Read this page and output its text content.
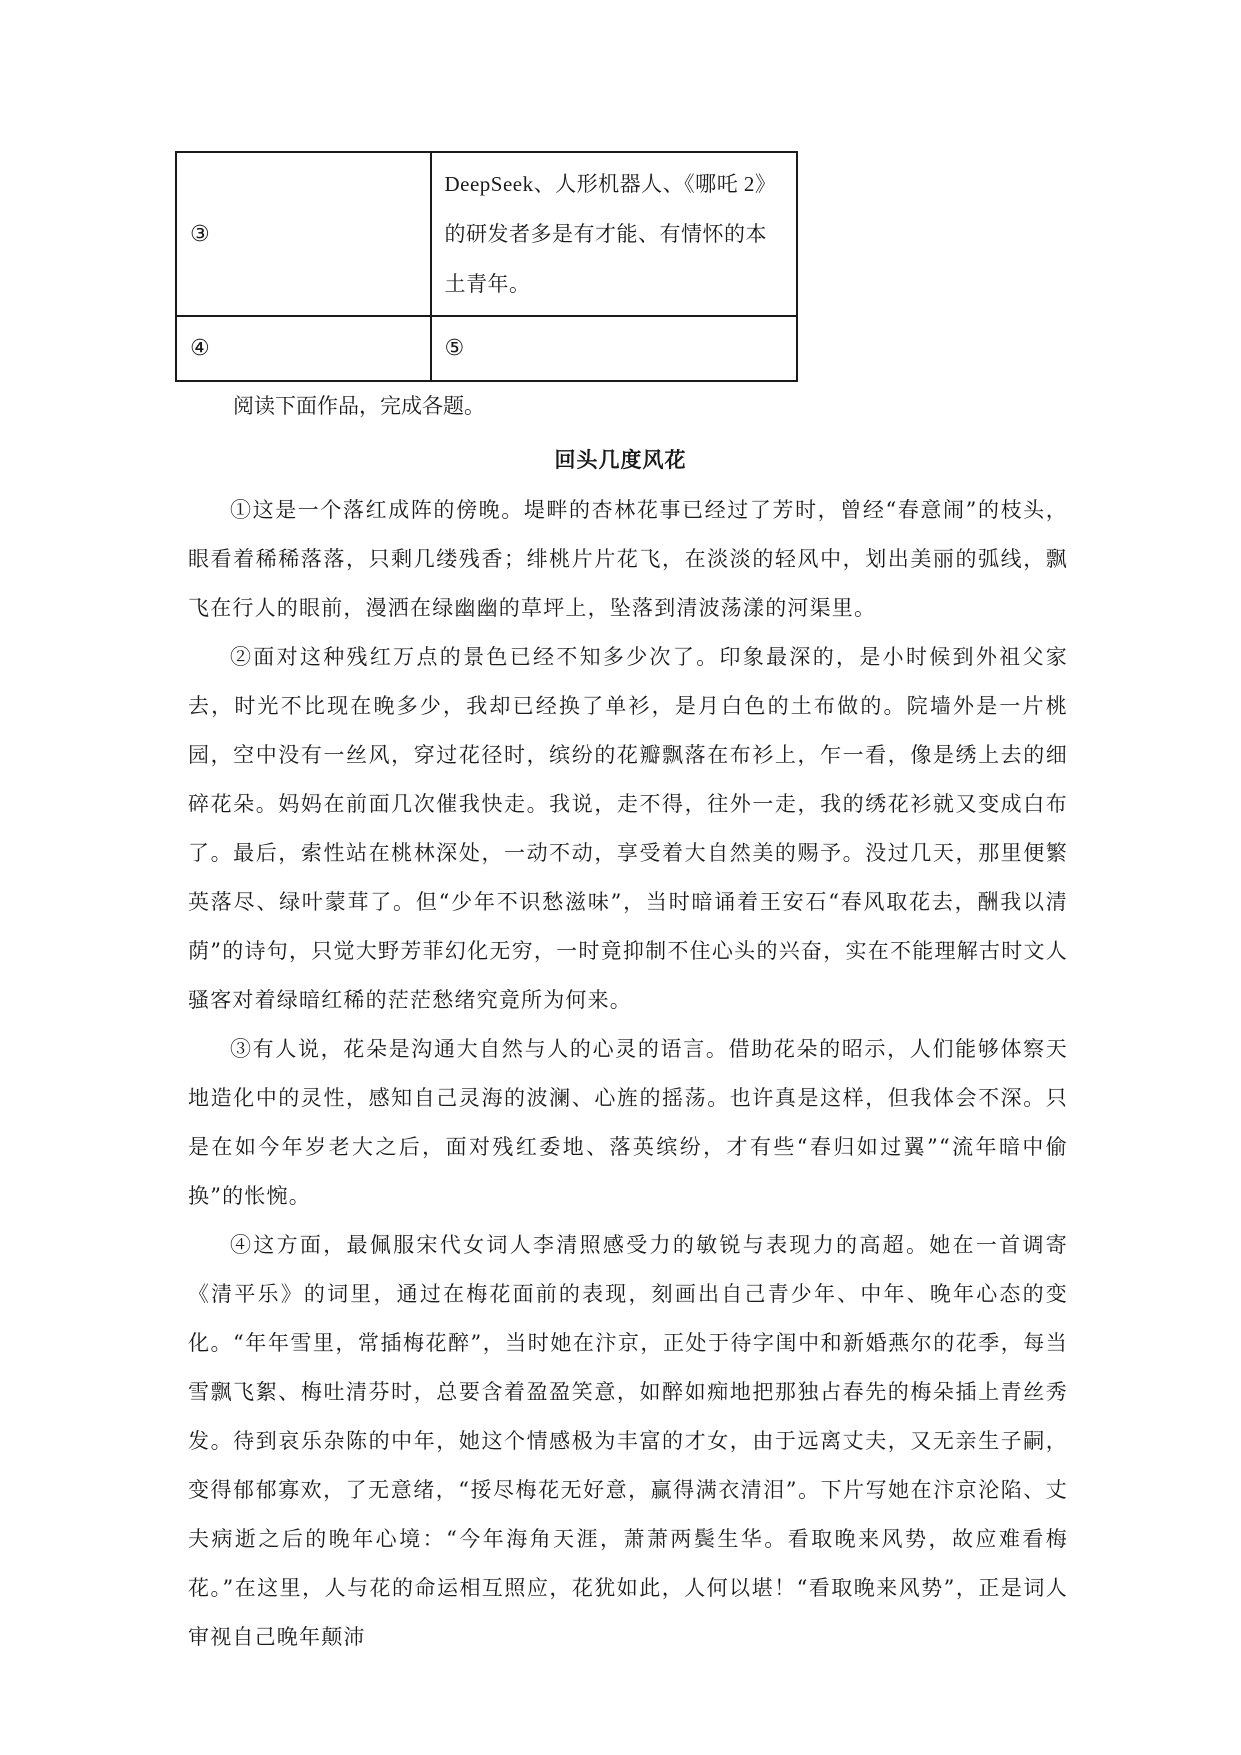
③	DeepSeek、人形机器人、《哪吒 2》的研发者多是有才能、有情怀的本土青年。

④	⑤
阅读下面作品，完成各题。
回头几度风花

①这是一个落红成阵的傍晚。堤畔的杏林花事已经过了芳时，曾经“春意闹”的枝头，眼看着稀稀落落，只剩几缕残香；绯桃片片花飞，在淡淡的轻风中，划出美丽的弧线，飘飞在行人的眼前，漫洒在绿幽幽的草坪上，坠落到清波荡漾的河渠里。

②面对这种残红万点的景色已经不知多少次了。印象最深的，是小时候到外祖父家去，时光不比现在晚多少，我却已经换了单衫，是月白色的土布做的。院墙外是一片桃园，空中没有一丝风，穿过花径时，缤纷的花瓣飘落在布衫上，乍一看，像是绣上去的细碎花朵。妈妈在前面几次催我快走。我说，走不得，往外一走，我的绣花衫就又变成白布了。最后，索性站在桃林深处，一动不动，享受着大自然美的赐予。没过几天，那里便繁英落尽、绿叶蒙茸了。但“少年不识愁滋味”，当时暗诵着王安石“春风取花去，酬我以清荫”的诗句，只觉大野芳菲幻化无穷，一时竟抑制不住心头的兴奋，实在不能理解古时文人骚客对着绿暗红稀的茫茫愁绪究竟所为何来。

③有人说，花朵是沟通大自然与人的心灵的语言。借助花朵的昭示，人们能够体察天地造化中的灵性，感知自己灵海的波澜、心旌的摇荡。也许真是这样，但我体会不深。只是在如今年岁老大之后，面对残红委地、落英缤纷，才有些“春归如过翼”“流年暗中偷换”的怅惋。

④这方面，最佩服宋代女词人李清照感受力的敏锐与表现力的高超。她在一首调寄《清平乐》的词里，通过在梅花面前的表现，刻画出自己青少年、中年、晚年心态的变化。“年年雪里，常插梅花醉”，当时她在汴京，正处于待字闺中和新婚燕尔的花季，每当雪飘飞絮、梅吐清芬时，总要含着盈盈笑意，如醉如痴地把那独占春先的梅朵插上青丝秀发。待到哀乐杂陈的中年，她这个情感极为丰富的才女，由于远离丈夫，又无亲生子嗣，变得郁郁寡欢，了无意绪，“挼尽梅花无好意，赢得满衣清泪”。下片写她在汴京沦陷、丈夫病逝之后的晚年心境：“今年海角天涯，萧萧两鬓生华。看取晚来风势，故应难看梅花。”在这里，人与花的命运相互照应，花犹如此，人何以堪！“看取晚来风势”，正是词人审视自己晚年颠沛
